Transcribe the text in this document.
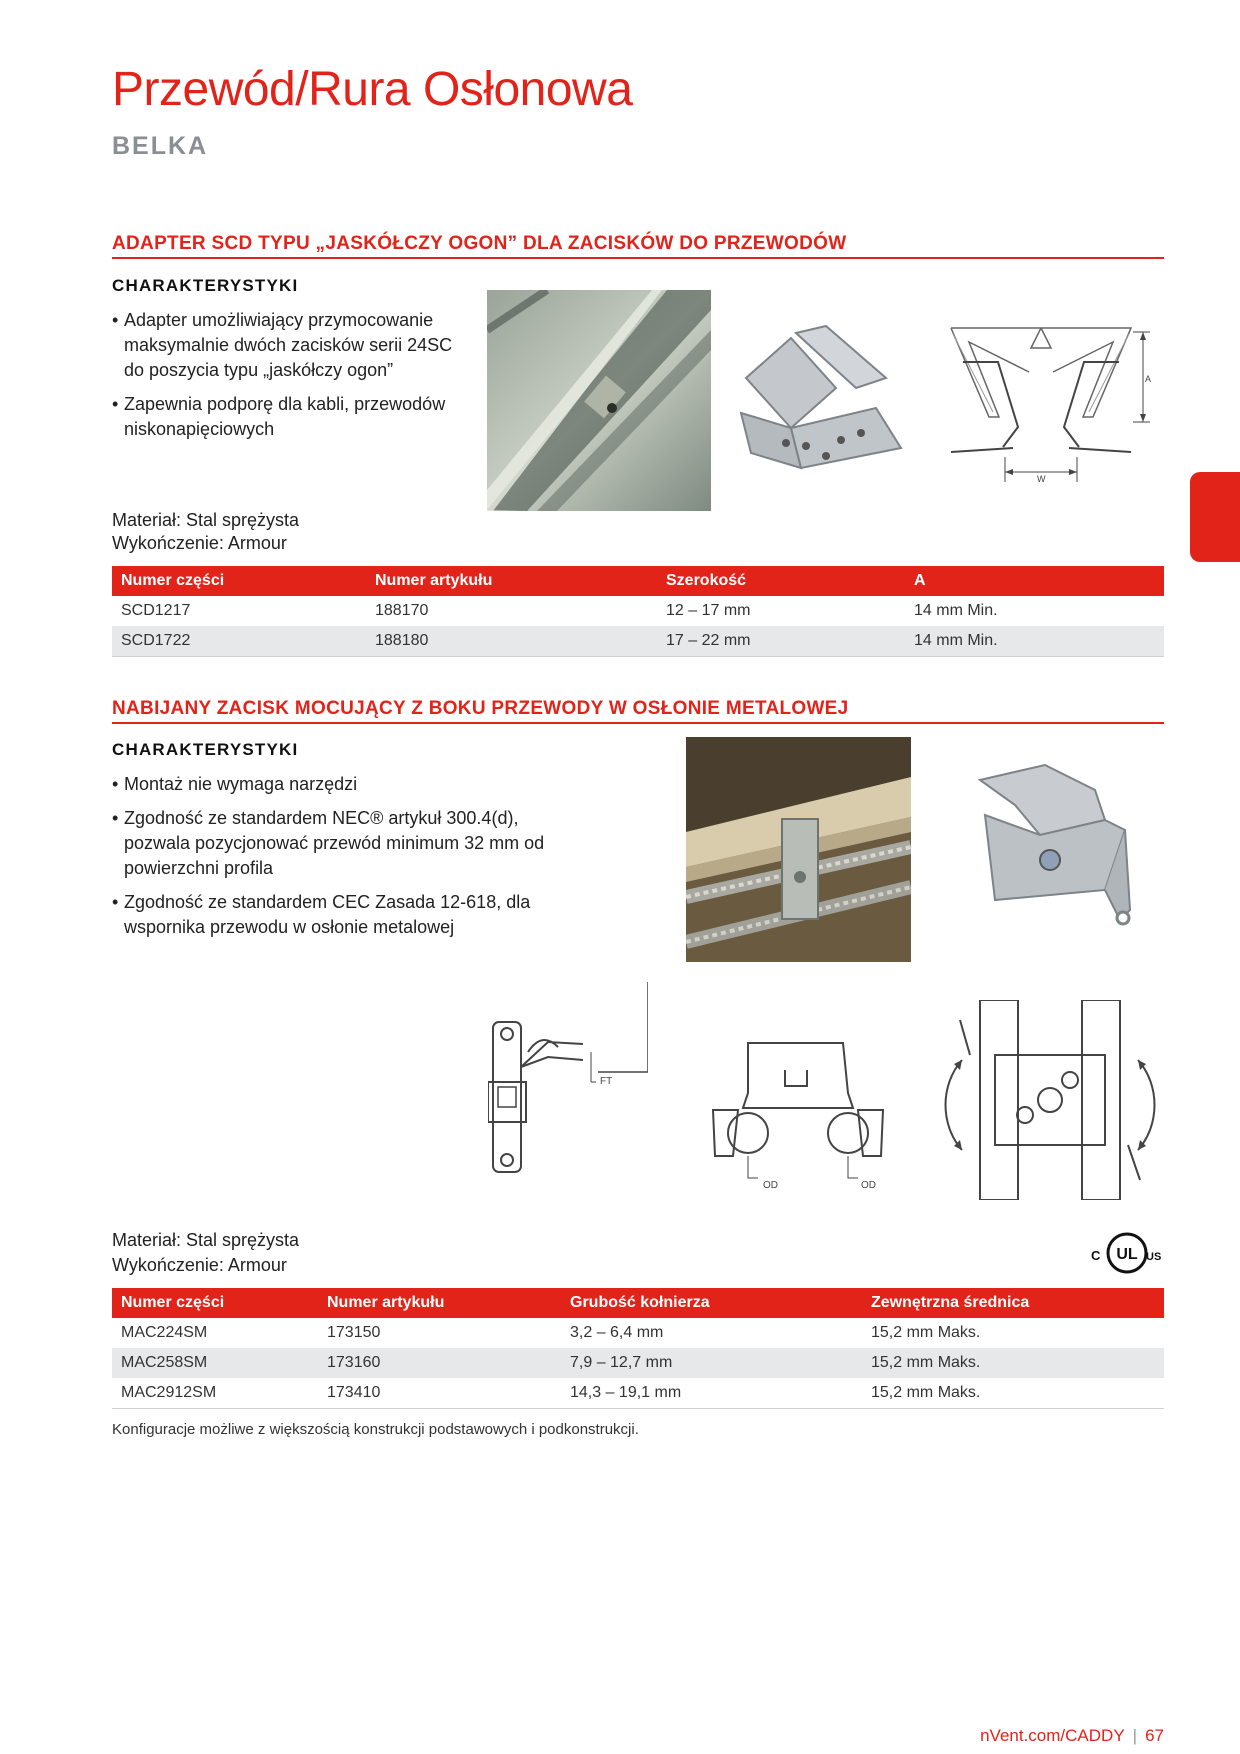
Przewód/Rura Osłonowa
BELKA
ADAPTER SCD TYPU „JASKÓŁCZY OGON” DLA ZACISKÓW DO PRZEWODÓW
CHARAKTERYSTYKI
• Adapter umożliwiający przymocowanie maksymalnie dwóch zacisków serii 24SC do poszycia typu „jaskółczy ogon”
• Zapewnia podporę dla kabli, przewodów niskonapięciowych
Materiał: Stal sprężysta
Wykończenie: Armour
W
A
Numer części	Numer artykułu	Szerokość	A
SCD1217	188170	12 – 17 mm	14 mm Min.
SCD1722	188180	17 – 22 mm	14 mm Min.
NABIJANY ZACISK MOCUJĄCY Z BOKU PRZEWODY W OSŁONIE METALOWEJ
CHARAKTERYSTYKI
• Montaż nie wymaga narzędzi
• Zgodność ze standardem NEC® artykuł 300.4(d), pozwala pozycjonować przewód minimum 32 mm od powierzchni profila
• Zgodność ze standardem CEC Zasada 12-618, dla wspornika przewodu w osłonie metalowej
FT
OD	OD
Materiał: Stal sprężysta
Wykończenie: Armour
UL
C	US
Numer części	Numer artykułu	Grubość kołnierza	Zewnętrzna średnica
MAC224SM	173150	3,2 – 6,4 mm	15,2 mm Maks.
MAC258SM	173160	7,9 – 12,7 mm	15,2 mm Maks.
MAC2912SM	173410	14,3 – 19,1 mm	15,2 mm Maks.
Konfiguracje możliwe z większością konstrukcji podstawowych i podkonstrukcji.
nVent.com/CADDY | 67
